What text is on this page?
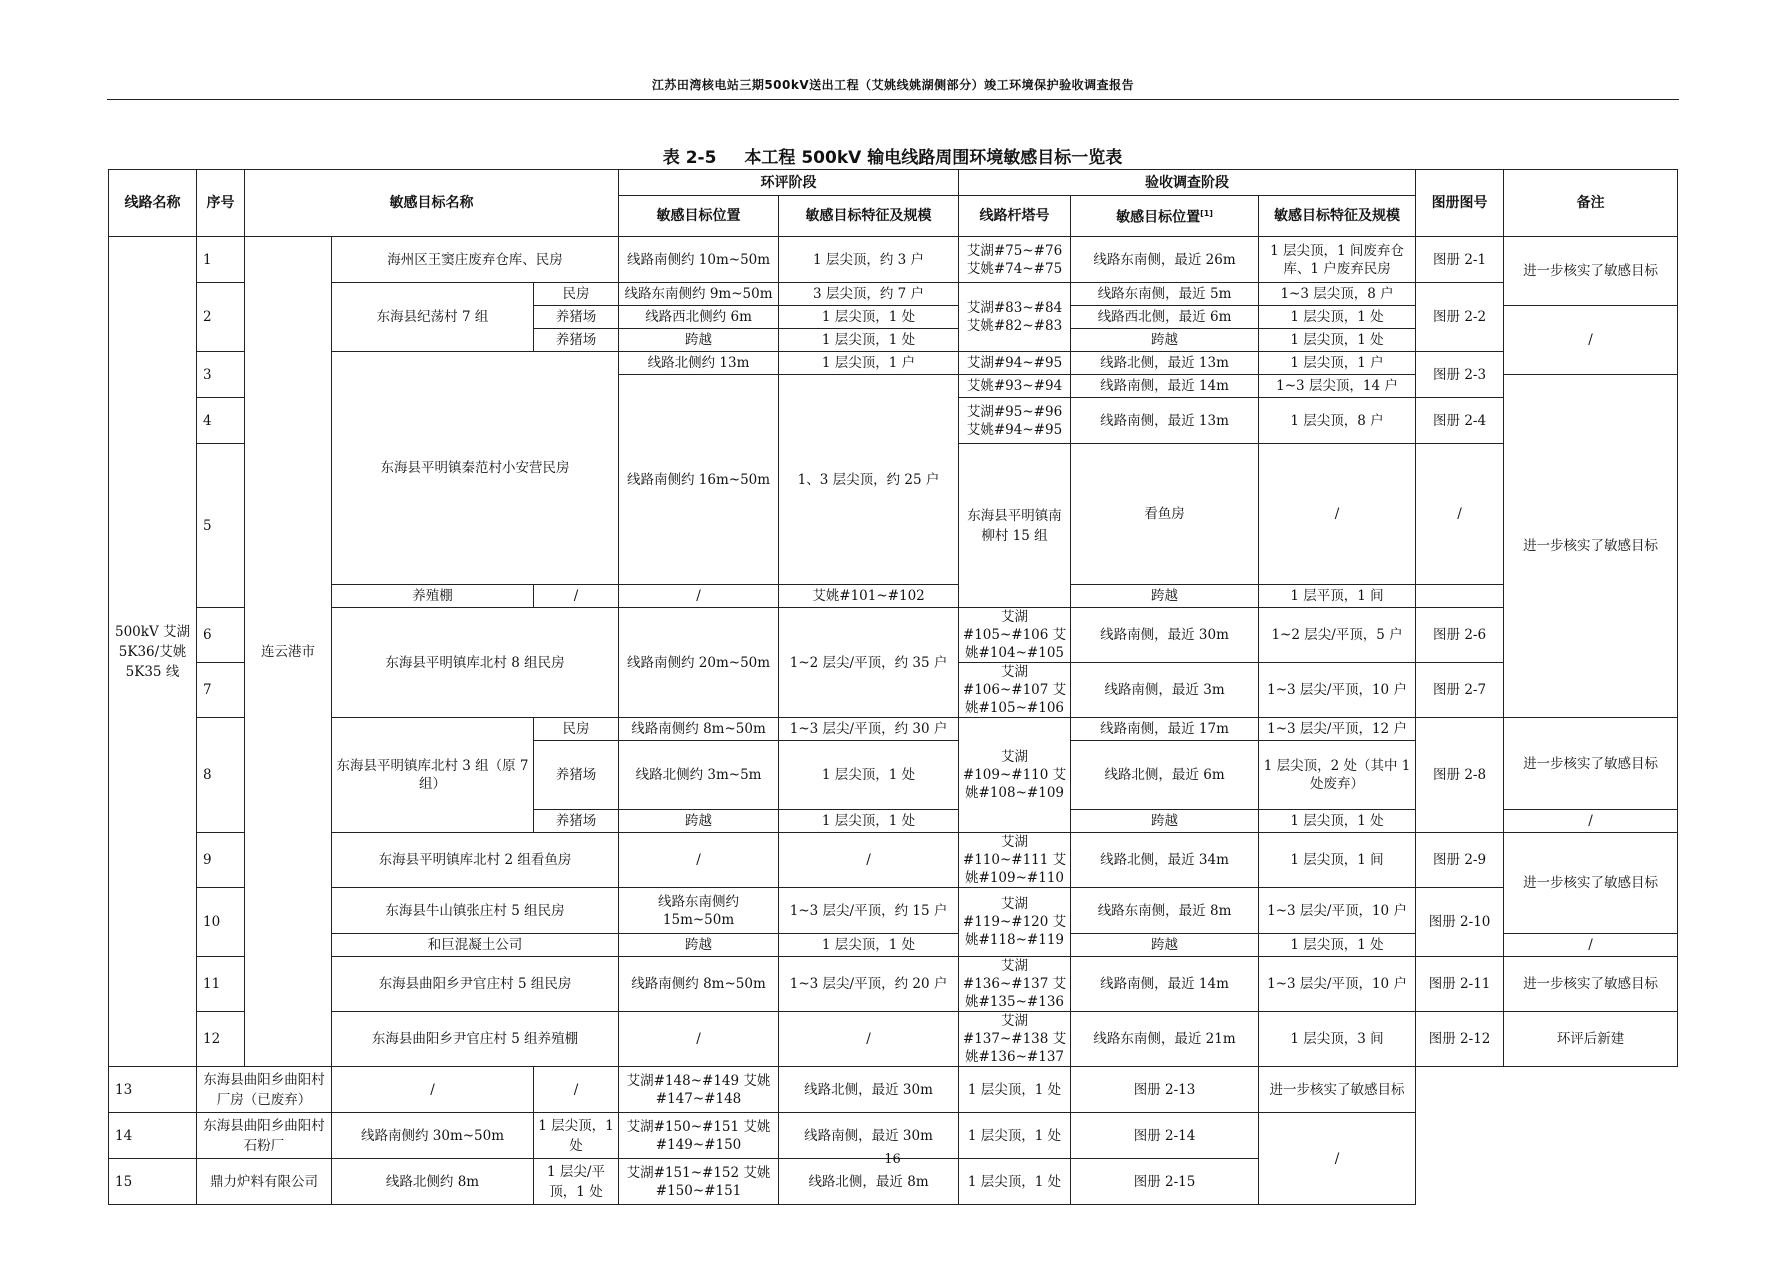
江苏田湾核电站三期500kV送出工程（艾姚线姚湖侧部分）竣工环境保护验收调查报告
表 2-5 本工程 500kV 输电线路周围环境敏感目标一览表
线路名称	序号	敏感目标名称			环评阶段		验收调查阶段			图册图号	备注	
					敏感目标位置	敏感目标特征及规模	线路杆塔号	敏感目标位置[1]	敏感目标特征及规模			
500kV 艾湖5K36/艾姚5K35 线	1	连云港市	海州区王窦庄废弃仓库、民房		线路南侧约 10m~50m	1 层尖顶，约 3 户	艾湖#75~#76 艾姚#74~#75	线路东南侧，最近 26m	1 层尖顶，1 间废弃仓库、1 户废弃民房	图册 2-1	进一步核实了敏感目标	

	2		东海县纪荡村 7 组	民房	线路东南侧约 9m~50m	3 层尖顶，约 7 户	艾湖#83~#84 艾姚#82~#83	线路东南侧，最近 5m	1~3 层尖顶，8 户	图册 2-2		
				养猪场	线路西北侧约 6m	1 层尖顶，1 处		线路西北侧，最近 6m	1 层尖顶，1 处		/	
				养猪场	跨越	1 层尖顶，1 处		跨越	1 层尖顶，1 处			
	3		东海县平明镇秦范村小安营民房		线路北侧约 13m	1 层尖顶，1 户	艾湖#94~#95	线路北侧，最近 13m	1 层尖顶，1 户	图册 2-3		
					线路南侧约 16m~50m	1、3 层尖顶，约 25 户	艾姚#93~#94	线路南侧，最近 14m	1~3 层尖顶，14 户		进一步核实了敏感目标	
	4						艾湖#95~#96 艾姚#94~#95	线路南侧，最近 13m	1 层尖顶，8 户	图册 2-4		

	5						东海县平明镇南柳村 15 组	看鱼房	/	/				
			养殖棚	/	/	艾姚#101~#102		跨越	1 层平顶，1 间			
	6		东海县平明镇库北村 8 组民房		线路南侧约 20m~50m	1~2 层尖/平顶，约 35 户	艾湖#105~#106 艾姚#104~#105	线路南侧，最近 30m	1~2 层尖/平顶，5 户	图册 2-6		

	7						艾湖#106~#107 艾姚#105~#106	线路南侧，最近 3m	1~3 层尖/平顶，10 户	图册 2-7		

	8		东海县平明镇库北村 3 组（原 7 组）	民房	线路南侧约 8m~50m	1~3 层尖/平顶，约 30 户	艾湖#109~#110 艾姚#108~#109	线路南侧，最近 17m	1~3 层尖/平顶，12 户	图册 2-8	进一步核实了敏感目标	
				养猪场	线路北侧约 3m~5m	1 层尖顶，1 处		线路北侧，最近 6m	1 层尖顶，2 处（其中 1 处废弃）			

				养猪场	跨越	1 层尖顶，1 处		跨越	1 层尖顶，1 处		/	
	9		东海县平明镇库北村 2 组看鱼房		/	/	艾湖#110~#111 艾姚#109~#110	线路北侧，最近 34m	1 层尖顶，1 间	图册 2-9	进一步核实了敏感目标	

	10		东海县牛山镇张庄村 5 组民房		线路东南侧约 15m~50m	1~3 层尖/平顶，约 15 户	艾湖#119~#120 艾姚#118~#119	线路东南侧，最近 8m	1~3 层尖/平顶，10 户	图册 2-10		

			和巨混凝土公司		跨越	1 层尖顶，1 处		跨越	1 层尖顶，1 处		/	
	11		东海县曲阳乡尹官庄村 5 组民房		线路南侧约 8m~50m	1~3 层尖/平顶，约 20 户	艾湖#136~#137 艾姚#135~#136	线路南侧，最近 14m	1~3 层尖/平顶，10 户	图册 2-11	进一步核实了敏感目标	

	12		东海县曲阳乡尹官庄村 5 组养殖棚		/	/	艾湖#137~#138 艾姚#136~#137	线路东南侧，最近 21m	1 层尖顶，3 间	图册 2-12	环评后新建	

13	东海县曲阳乡曲阳村厂房（已废弃）		/	/	艾湖#148~#149 艾姚#147~#148	线路北侧，最近 30m	1 层尖顶，1 处	图册 2-13	进一步核实了敏感目标			

14	东海县曲阳乡曲阳村石粉厂		线路南侧约 30m~50m	1 层尖顶，1 处	艾湖#150~#151 艾姚#149~#150	线路南侧，最近 30m	1 层尖顶，1 处	图册 2-14	/			

15	鼎力炉料有限公司		线路北侧约 8m	1 层尖/平顶，1 处	艾湖#151~#152 艾姚#150~#151	线路北侧，最近 8m	1 层尖顶，1 处	图册 2-15				

16
